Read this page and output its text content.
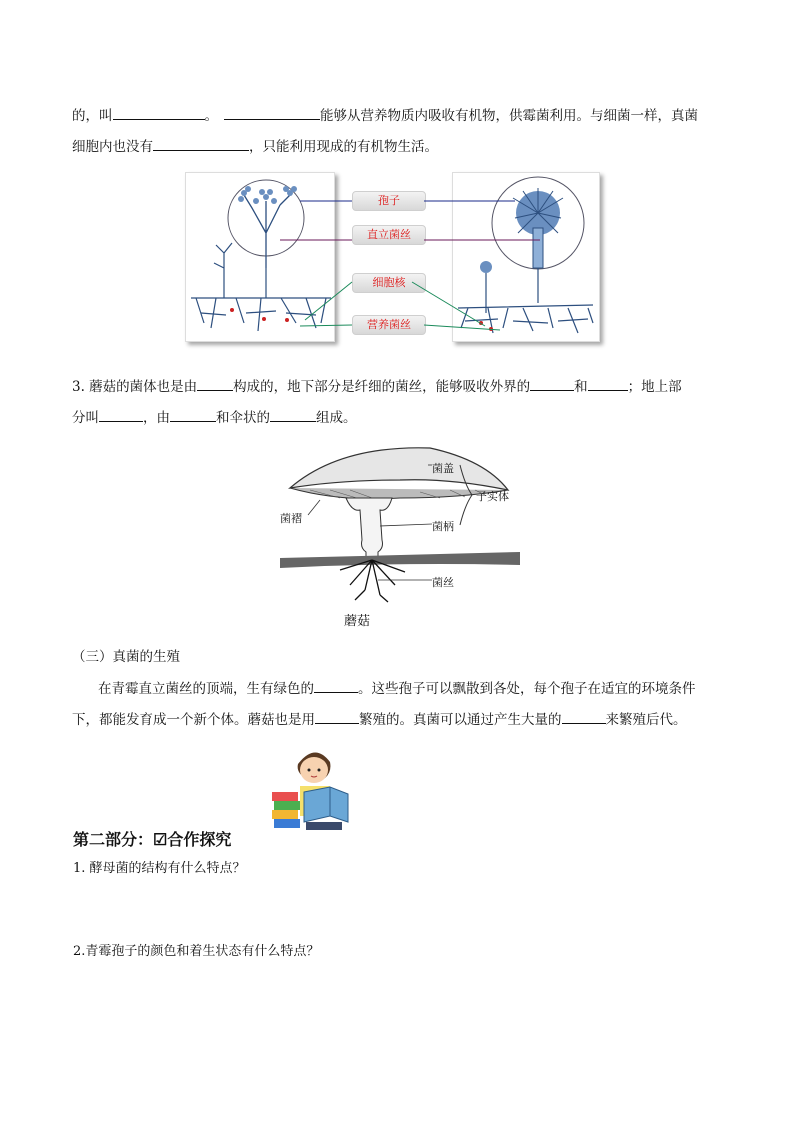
的，叫	。	能够从营养物质内吸收有机物，供霉菌利用。与细菌一样，真菌
细胞内也没有	，只能利用现成的有机物生活。
孢子
直立菌丝
细胞核
营养菌丝
3. 蘑菇的菌体也是由	构成的，地下部分是纤细的菌丝，能够吸收外界的	和	；地上部
分叫	，由	和伞状的	组成。
菌盖
菌褶
菌柄
菌丝
子实体
蘑菇
（三）真菌的生殖
在青霉直立菌丝的顶端，生有绿色的	。这些孢子可以飘散到各处，每个孢子在适宜的环境条件
下，都能发育成一个新个体。蘑菇也是用	繁殖的。真菌可以通过产生大量的	来繁殖后代。
第二部分：☑合作探究
1. 酵母菌的结构有什么特点？
2.青霉孢子的颜色和着生状态有什么特点？
